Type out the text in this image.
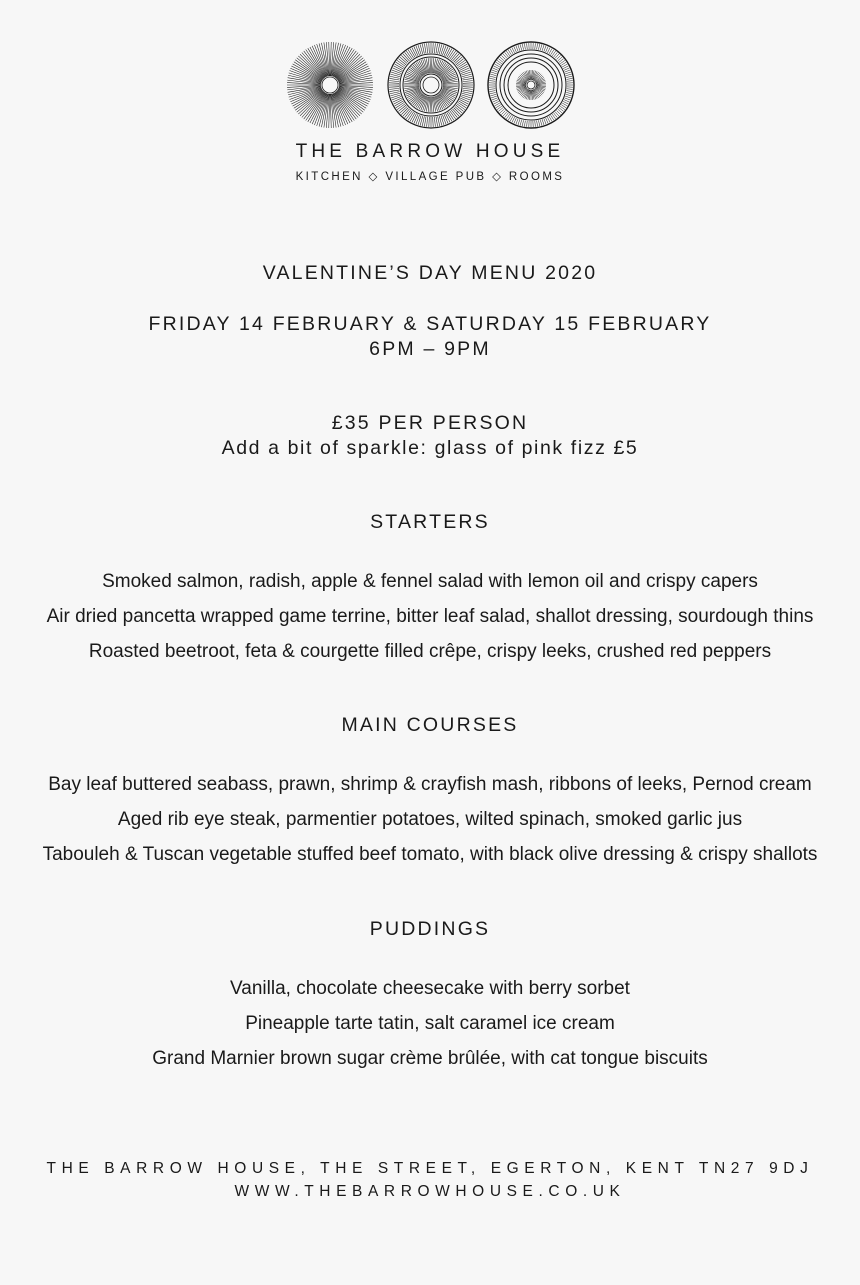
THE BARROW HOUSE
KITCHEN ◇ VILLAGE PUB ◇ ROOMS
VALENTINE’S DAY MENU 2020
FRIDAY 14 FEBRUARY & SATURDAY 15 FEBRUARY
6PM – 9PM
£35 PER PERSON
Add a bit of sparkle: glass of pink fizz £5
STARTERS
Smoked salmon, radish, apple & fennel salad with lemon oil and crispy capers
Air dried pancetta wrapped game terrine, bitter leaf salad, shallot dressing, sourdough thins
Roasted beetroot, feta & courgette filled crêpe, crispy leeks, crushed red peppers
MAIN COURSES
Bay leaf buttered seabass, prawn, shrimp & crayfish mash, ribbons of leeks, Pernod cream
Aged rib eye steak, parmentier potatoes, wilted spinach, smoked garlic jus
Tabouleh & Tuscan vegetable stuffed beef tomato, with black olive dressing & crispy shallots
PUDDINGS
Vanilla, chocolate cheesecake with berry sorbet
Pineapple tarte tatin, salt caramel ice cream
Grand Marnier brown sugar crème brûlée, with cat tongue biscuits
THE BARROW HOUSE, THE STREET, EGERTON, KENT TN27 9DJ
WWW.THEBARROWHOUSE.CO.UK
